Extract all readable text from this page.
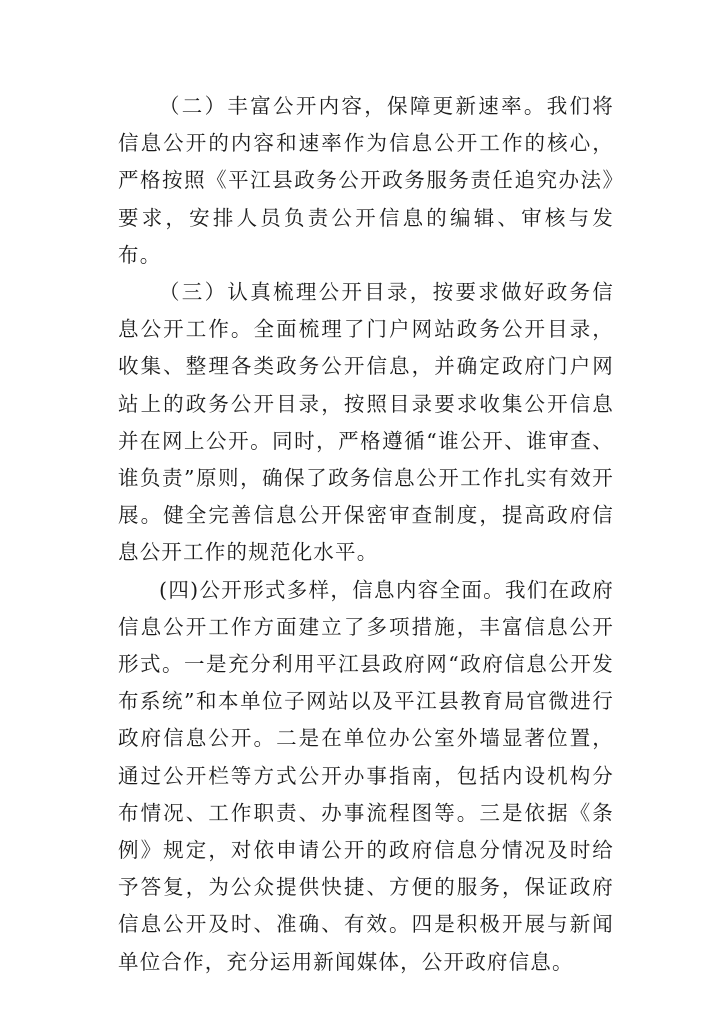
（二）丰富公开内容，保障更新速率。我们将信息公开的内容和速率作为信息公开工作的核心，严格按照《平江县政务公开政务服务责任追究办法》要求，安排人员负责公开信息的编辑、审核与发布。

（三）认真梳理公开目录，按要求做好政务信息公开工作。全面梳理了门户网站政务公开目录，收集、整理各类政务公开信息，并确定政府门户网站上的政务公开目录，按照目录要求收集公开信息并在网上公开。同时，严格遵循“谁公开、谁审查、谁负责”原则，确保了政务信息公开工作扎实有效开展。健全完善信息公开保密审查制度，提高政府信息公开工作的规范化水平。

(四)公开形式多样，信息内容全面。我们在政府信息公开工作方面建立了多项措施，丰富信息公开形式。一是充分利用平江县政府网“政府信息公开发布系统”和本单位子网站以及平江县教育局官微进行政府信息公开。二是在单位办公室外墙显著位置，通过公开栏等方式公开办事指南，包括内设机构分布情况、工作职责、办事流程图等。三是依据《条例》规定，对依申请公开的政府信息分情况及时给予答复，为公众提供快捷、方便的服务，保证政府信息公开及时、准确、有效。四是积极开展与新闻单位合作，充分运用新闻媒体，公开政府信息。
